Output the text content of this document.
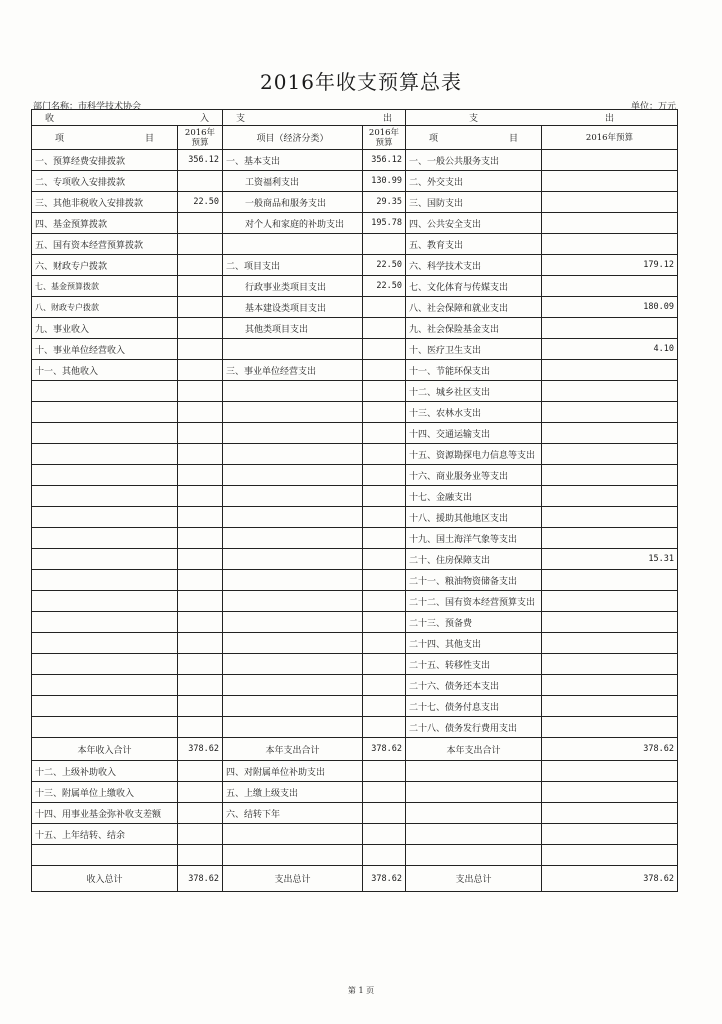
2016年收支预算总表
部门名称：市科学技术协会	单位：万元
收 入		支 出		支 出	

项 目	2016年预算	项目（经济分类）	2016年预算	项 目	2016年预算
一、预算经费安排拨款	356.12	一、基本支出	356.12	一、一般公共服务支出	
二、专项收入安排拨款		工资福利支出	130.99	二、外交支出	
三、其他非税收入安排拨款	22.50	一般商品和服务支出	29.35	三、国防支出	
四、基金预算拨款		对个人和家庭的补助支出	195.78	四、公共安全支出	
五、国有资本经营预算拨款				五、教育支出	
六、财政专户拨款		二、项目支出	22.50	六、科学技术支出	179.12
七、基金预算拨款		行政事业类项目支出	22.50	七、文化体育与传媒支出	
八、财政专户拨款		基本建设类项目支出		八、社会保障和就业支出	180.09
九、事业收入		其他类项目支出		九、社会保险基金支出	
十、事业单位经营收入				十、医疗卫生支出	4.10
十一、其他收入		三、事业单位经营支出		十一、节能环保支出	
				十二、城乡社区支出	
				十三、农林水支出	
				十四、交通运输支出	
				十五、资源勘探电力信息等支出	
				十六、商业服务业等支出	
				十七、金融支出	
				十八、援助其他地区支出	
				十九、国土海洋气象等支出	
				二十、住房保障支出	15.31
				二十一、粮油物资储备支出	
				二十二、国有资本经营预算支出	
				二十三、预备费	
				二十四、其他支出	
				二十五、转移性支出	
				二十六、债务还本支出	
				二十七、债务付息支出	
				二十八、债务发行费用支出	
本年收入合计	378.62	本年支出合计	378.62	本年支出合计	378.62
十二、上级补助收入		四、对附属单位补助支出			
十三、附属单位上缴收入		五、上缴上级支出			
十四、用事业基金弥补收支差额		六、结转下年			
十五、上年结转、结余					

收入总计	378.62	支出总计	378.62	支出总计	378.62
第 1 页
